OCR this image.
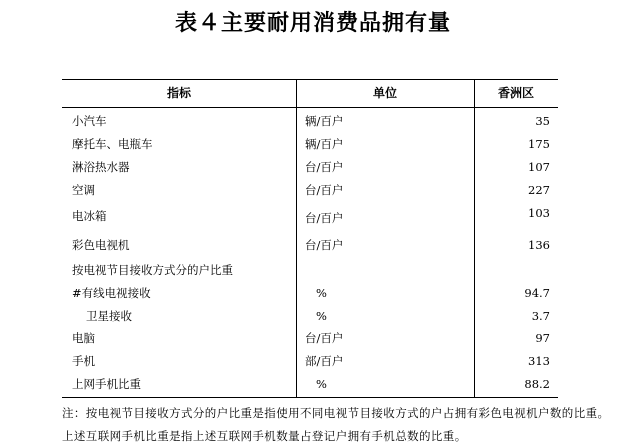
表４主要耐用消费品拥有量
指标	单位	香洲区
小汽车	辆/百户	35
摩托车、电瓶车	辆/百户	175
淋浴热水器	台/百户	107
空调	台/百户	227
电冰箱	台/百户	103
彩色电视机	台/百户	136
按电视节目接收方式分的户比重
#有线电视接收	%	94.7
卫星接收	%	3.7
电脑	台/百户	97
手机	部/百户	313
上网手机比重	%	88.2
注：按电视节目接收方式分的户比重是指使用不同电视节目接收方式的户占拥有彩色电视机户数的比重。上述互联网手机比重是指上述互联网手机数量占登记户拥有手机总数的比重。
